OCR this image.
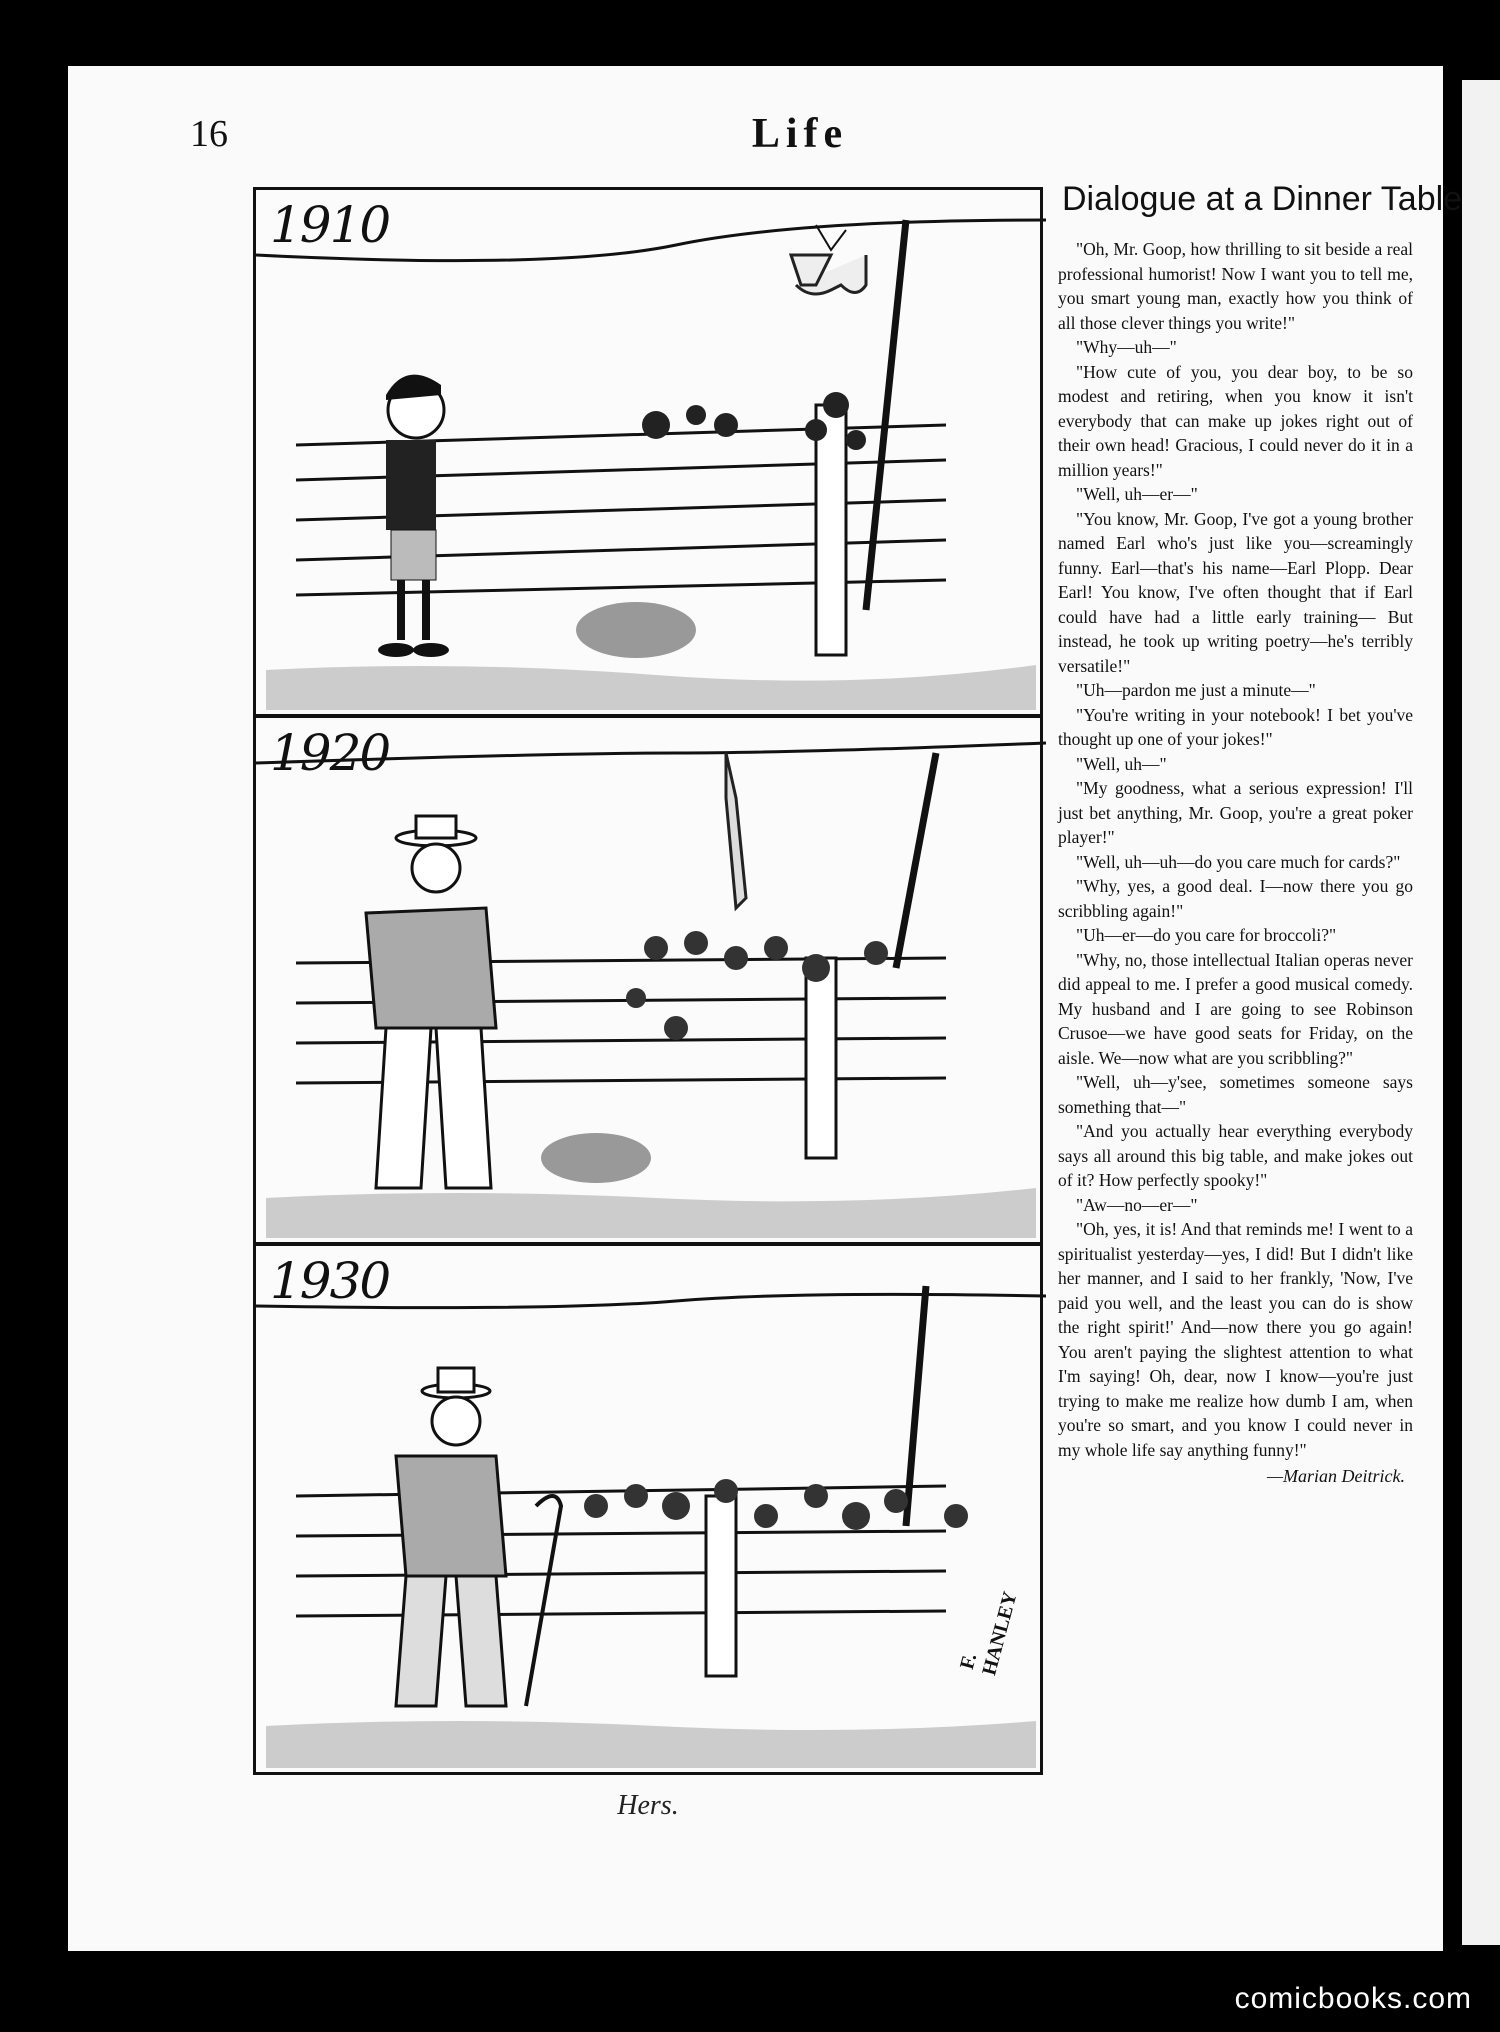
16	Life
1910
1920
1930
F. HANLEY
Hers.
Dialogue at a Dinner Table

"Oh, Mr. Goop, how thrilling to sit beside a real professional humorist! Now I want you to tell me, you smart young man, exactly how you think of all those clever things you write!"

"Why—uh—"

"How cute of you, you dear boy, to be so modest and retiring, when you know it isn't everybody that can make up jokes right out of their own head! Gracious, I could never do it in a million years!"

"Well, uh—er—"

"You know, Mr. Goop, I've got a young brother named Earl who's just like you—screamingly funny. Earl—that's his name—Earl Plopp. Dear Earl! You know, I've often thought that if Earl could have had a little early training— But instead, he took up writing poetry—he's terribly versatile!"

"Uh—pardon me just a minute—"

"You're writing in your notebook! I bet you've thought up one of your jokes!"

"Well, uh—"

"My goodness, what a serious expression! I'll just bet anything, Mr. Goop, you're a great poker player!"

"Well, uh—uh—do you care much for cards?"

"Why, yes, a good deal. I—now there you go scribbling again!"

"Uh—er—do you care for broccoli?"

"Why, no, those intellectual Italian operas never did appeal to me. I prefer a good musical comedy. My husband and I are going to see Robinson Crusoe—we have good seats for Friday, on the aisle. We—now what are you scribbling?"

"Well, uh—y'see, sometimes someone says something that—"

"And you actually hear everything everybody says all around this big table, and make jokes out of it? How perfectly spooky!"

"Aw—no—er—"

"Oh, yes, it is! And that reminds me! I went to a spiritualist yesterday—yes, I did! But I didn't like her manner, and I said to her frankly, 'Now, I've paid you well, and the least you can do is show the right spirit!' And—now there you go again! You aren't paying the slightest attention to what I'm saying! Oh, dear, now I know—you're just trying to make me realize how dumb I am, when you're so smart, and you know I could never in my whole life say anything funny!"

—Marian Deitrick.
comicbooks.com
